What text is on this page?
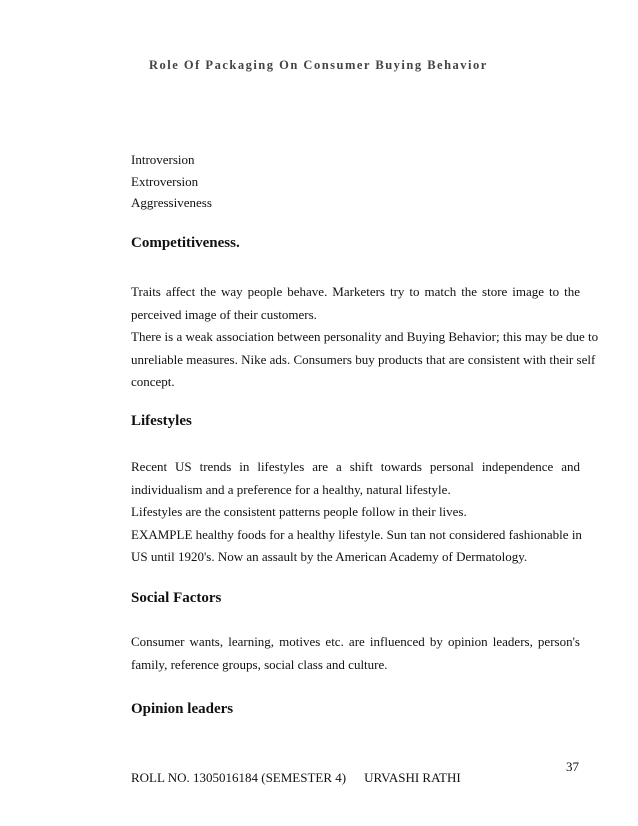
Role Of Packaging On Consumer Buying Behavior
Introversion
Extroversion
Aggressiveness
Competitiveness.
Traits affect the way people behave. Marketers try to match the store image to the
perceived image of their customers.
There is a weak association between personality and Buying Behavior; this may be due to
unreliable measures. Nike ads. Consumers buy products that are consistent with their self
concept.
Lifestyles
Recent US trends in lifestyles are a shift towards personal independence and
individualism and a preference for a healthy, natural lifestyle.
Lifestyles are the consistent patterns people follow in their lives.
EXAMPLE healthy foods for a healthy lifestyle. Sun tan not considered fashionable in
US until 1920's. Now an assault by the American Academy of Dermatology.
Social Factors
Consumer wants, learning, motives etc. are influenced by opinion leaders, person's
family, reference groups, social class and culture.
Opinion leaders
37
ROLL NO. 1305016184 (SEMESTER 4) URVASHI RATHI
